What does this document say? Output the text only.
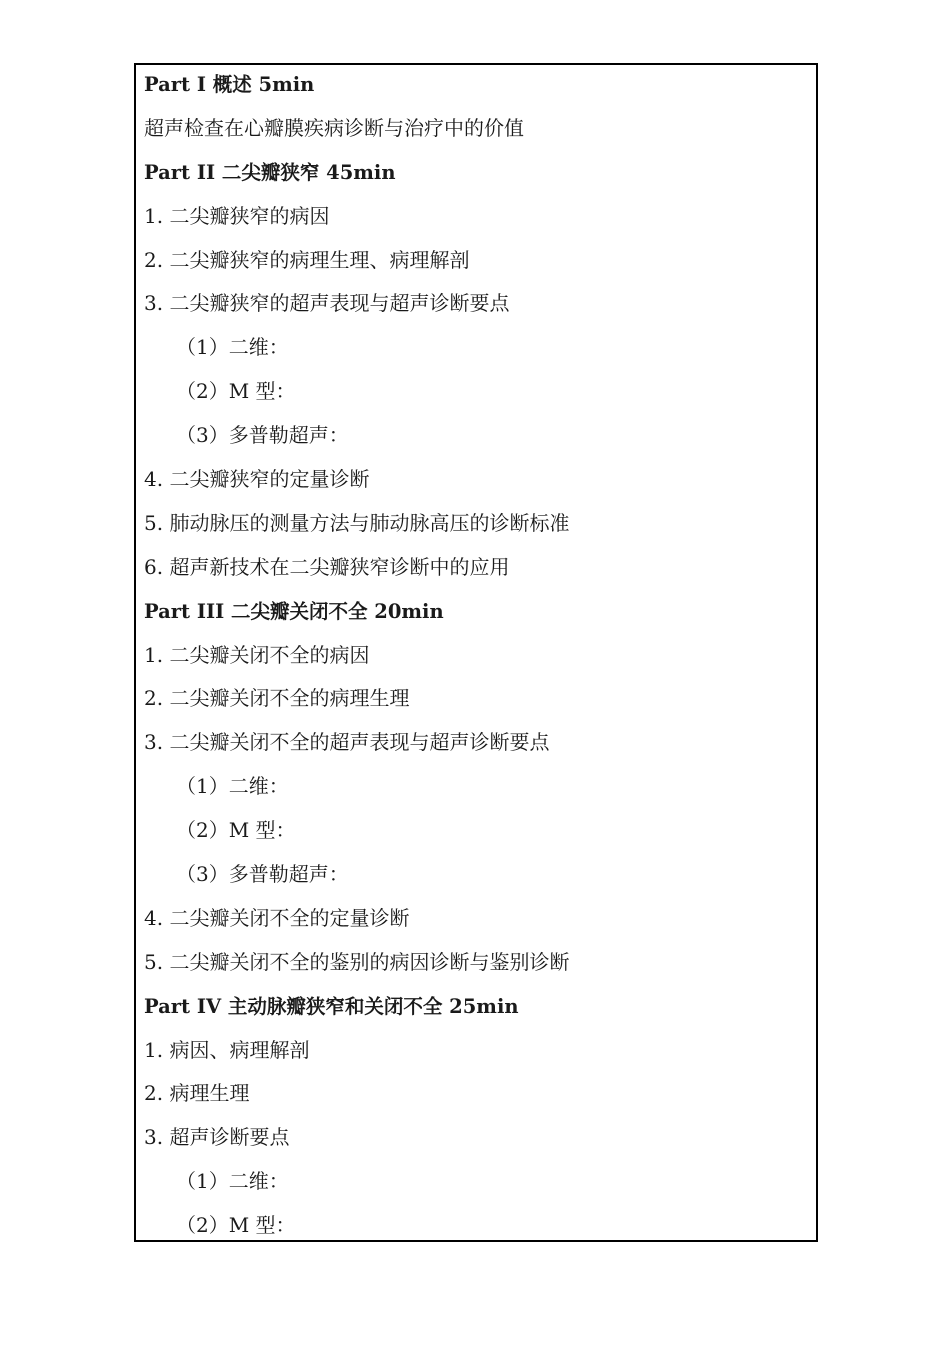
Part I 概述 5min
超声检查在心瓣膜疾病诊断与治疗中的价值
Part II 二尖瓣狭窄 45min
1. 二尖瓣狭窄的病因
2. 二尖瓣狭窄的病理生理、病理解剖
3. 二尖瓣狭窄的超声表现与超声诊断要点
（1）二维：
（2）M 型：
（3）多普勒超声：
4. 二尖瓣狭窄的定量诊断
5. 肺动脉压的测量方法与肺动脉高压的诊断标准
6. 超声新技术在二尖瓣狭窄诊断中的应用
Part III 二尖瓣关闭不全 20min
1. 二尖瓣关闭不全的病因
2. 二尖瓣关闭不全的病理生理
3. 二尖瓣关闭不全的超声表现与超声诊断要点
（1）二维：
（2）M 型：
（3）多普勒超声：
4. 二尖瓣关闭不全的定量诊断
5. 二尖瓣关闭不全的鉴别的病因诊断与鉴别诊断
Part IV 主动脉瓣狭窄和关闭不全 25min
1. 病因、病理解剖
2. 病理生理
3. 超声诊断要点
（1）二维：
（2）M 型：
